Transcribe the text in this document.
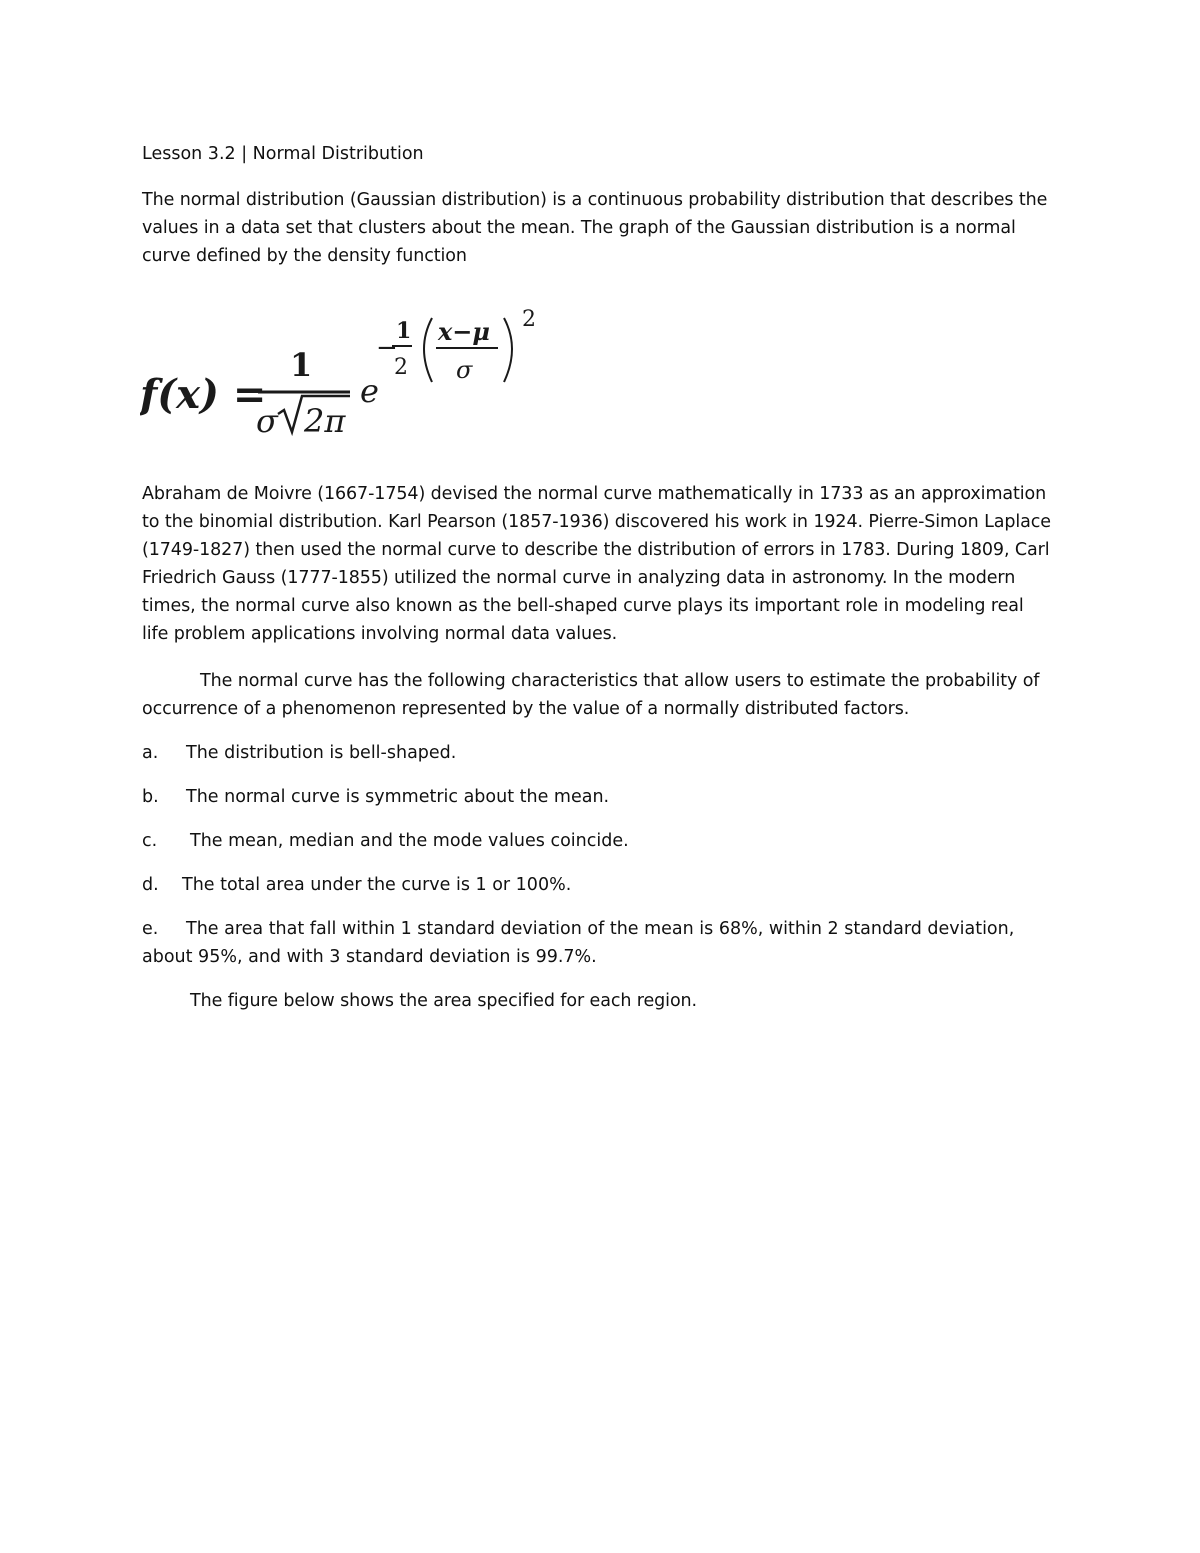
Lesson 3.2 | Normal Distribution
The normal distribution (Gaussian distribution) is a continuous probability distribution that describes the
values in a data set that clusters about the mean. The graph of the Gaussian distribution is a normal
curve defined by the density function
f(x) =
1
σ 2π
e
−
1
2
x−μ
σ
2
Abraham de Moivre (1667-1754) devised the normal curve mathematically in 1733 as an approximation
to the binomial distribution. Karl Pearson (1857-1936) discovered his work in 1924. Pierre-Simon Laplace
(1749-1827) then used the normal curve to describe the distribution of errors in 1783. During 1809, Carl
Friedrich Gauss (1777-1855) utilized the normal curve in analyzing data in astronomy. In the modern
times, the normal curve also known as the bell-shaped curve plays its important role in modeling real
life problem applications involving normal data values.
The normal curve has the following characteristics that allow users to estimate the probability of
occurrence of a phenomenon represented by the value of a normally distributed factors.
a. The distribution is bell-shaped.
b. The normal curve is symmetric about the mean.
c. The mean, median and the mode values coincide.
d. The total area under the curve is 1 or 100%.
e. The area that fall within 1 standard deviation of the mean is 68%, within 2 standard deviation,
about 95%, and with 3 standard deviation is 99.7%.
The figure below shows the area specified for each region.
